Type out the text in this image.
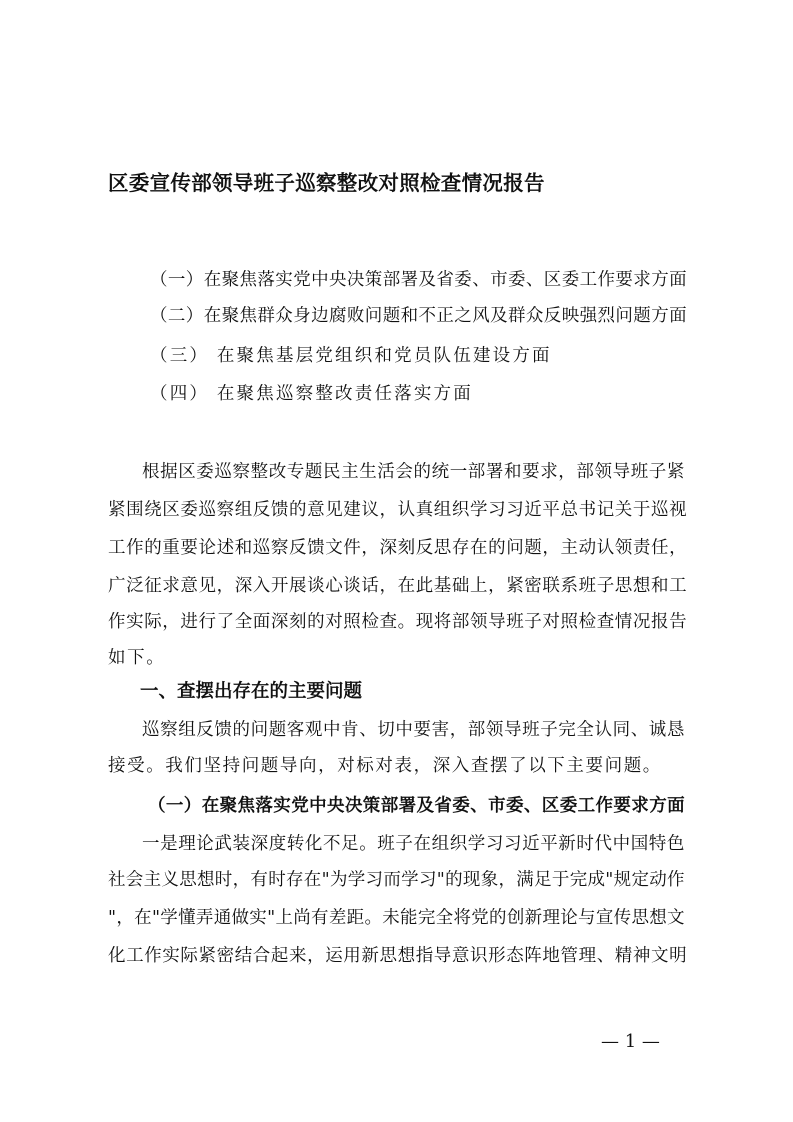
区委宣传部领导班子巡察整改对照检查情况报告
（一）在聚焦落实党中央决策部署及省委、市委、区委工作要求方面
（二）在聚焦群众身边腐败问题和不正之风及群众反映强烈问题方面
（三） 在聚焦基层党组织和党员队伍建设方面
（四） 在聚焦巡察整改责任落实方面
根据区委巡察整改专题民主生活会的统一部署和要求，部领导班子紧
紧围绕区委巡察组反馈的意见建议，认真组织学习习近平总书记关于巡视
工作的重要论述和巡察反馈文件，深刻反思存在的问题，主动认领责任，
广泛征求意见，深入开展谈心谈话，在此基础上，紧密联系班子思想和工
作实际，进行了全面深刻的对照检查。现将部领导班子对照检查情况报告
如下。
一、查摆出存在的主要问题
巡察组反馈的问题客观中肯、切中要害，部领导班子完全认同、诚恳
接受。我们坚持问题导向，对标对表，深入查摆了以下主要问题。
（一）在聚焦落实党中央决策部署及省委、市委、区委工作要求方面
一是理论武装深度转化不足。班子在组织学习习近平新时代中国特色
社会主义思想时，有时存在"为学习而学习"的现象，满足于完成"规定动作
"，在"学懂弄通做实"上尚有差距。未能完全将党的创新理论与宣传思想文
化工作实际紧密结合起来，运用新思想指导意识形态阵地管理、精神文明
— 1 —
